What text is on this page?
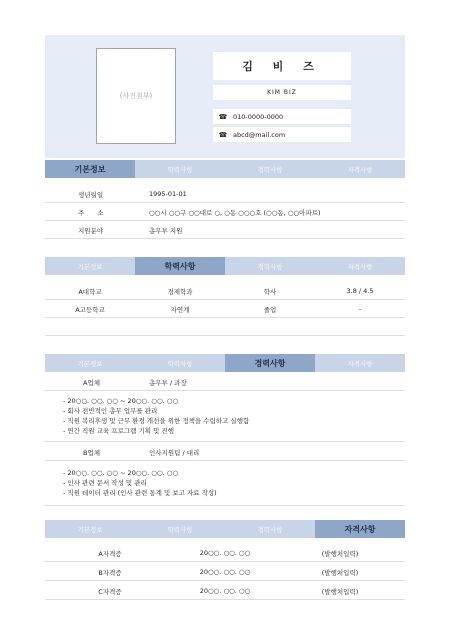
(사진첨부)
김 비 즈
KIM BIZ
☎ 010-0000-0000
☎ abcd@mail.com
기본정보	학력사항	경력사항	자격사항
생년월일	1995-01-01
주　　소	○○시 ○○구 ○○대로 ○, ○동 ○○○호 (○○동, ○○아파트)
지원분야	총무부 지원
기본정보	학력사항	경력사항	자격사항
A대학교	경제학과	학사	3.8 / 4.5
A고등학교	자연계	졸업	-
기본정보	학력사항	경력사항	자격사항
A업체	총무부 / 과장
- 20○○. ○○. ○○ ~ 20○○. ○○. ○○
- 회사 전반적인 총무 업무를 관리
- 직원 복리후생 및 근무 환경 개선을 위한 정책을 수립하고 실행함
- 연간 직원 교육 프로그램 기획 및 진행
B업체	인사지원팀 / 대리
- 20○○. ○○. ○○ ~ 20○○. ○○. ○○
- 인사 관련 문서 작성 및 관리
- 직원 데이터 관리 (인사 관련 통계 및 보고 자료 작성)
기본정보	학력사항	경력사항	자격사항
A자격증	20○○. ○○. ○○	(발행처입력)
B자격증	20○○. ○○. ○○	(발행처입력)
C자격증	20○○. ○○. ○○	(발행처입력)
